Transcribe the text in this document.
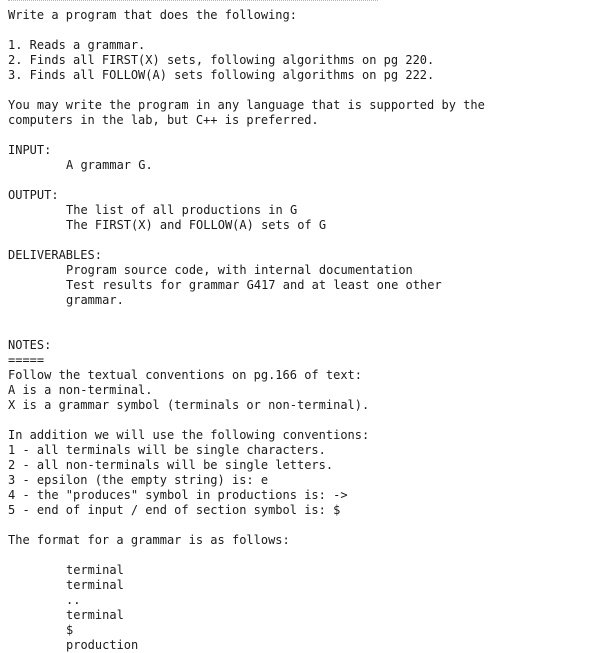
Write a program that does the following:
1. Reads a grammar.
2. Finds all FIRST(X) sets, following algorithms on pg 220.
3. Finds all FOLLOW(A) sets following algorithms on pg 222.
You may write the program in any language that is supported by the
computers in the lab, but C++ is preferred.
INPUT:
A grammar G.
OUTPUT:
The list of all productions in G
The FIRST(X) and FOLLOW(A) sets of G
DELIVERABLES:
Program source code, with internal documentation
Test results for grammar G417 and at least one other
grammar.
NOTES:
=====
Follow the textual conventions on pg.166 of text:
A is a non-terminal.
X is a grammar symbol (terminals or non-terminal).
In addition we will use the following conventions:
1 - all terminals will be single characters.
2 - all non-terminals will be single letters.
3 - epsilon (the empty string) is: e
4 - the "produces" symbol in productions is: ->
5 - end of input / end of section symbol is: $
The format for a grammar is as follows:
terminal
terminal
..
terminal
$
production
